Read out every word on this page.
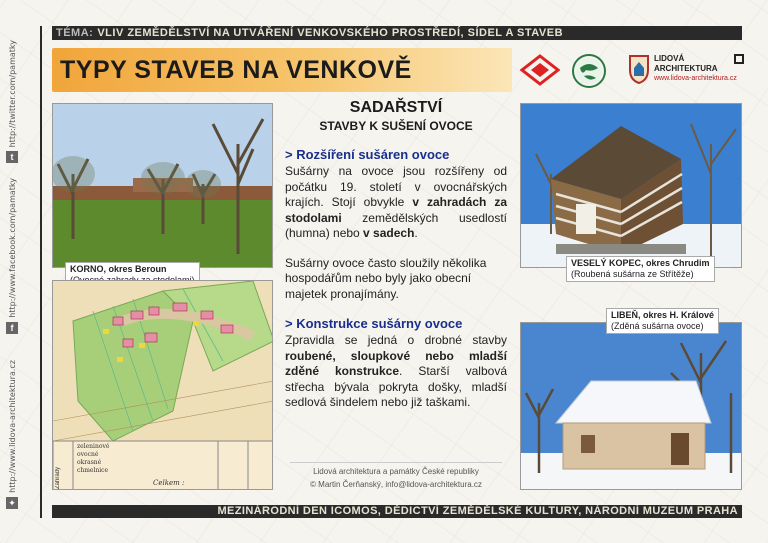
http://twitter.com/pamatky
t
http://www.facebook.com/pamatky
f
http://www.lidova-architektura.cz
✦
TÉMA: VLIV ZEMĚDĚLSTVÍ NA UTVÁŘENÍ VENKOVSKÉHO PROSTŘEDÍ, SÍDEL A STAVEB
TYPY STAVEB NA VENKOVĚ	LIDOVÁ
ARCHITEKTURA
www.lidova-architektura.cz
KORNO, okres Beroun
Zahrady
zeleninové
ovocné
okrasné
chmelnice
Celkem :
SADAŘSTVÍ
STAVBY K SUŠENÍ OVOCE
> Rozšíření sušáren ovoce

Sušárny na ovoce jsou rozšířeny od počátku 19. století v ovocnářských krajích. Stojí obvykle v zahradách za stodolami zemědělských usedlostí (humna) nebo v sadech.

Sušárny ovoce často sloužily několika hospodářům nebo byly jako obecní majetek pronajímány.

> Konstrukce sušárny ovoce

Zpravidla se jedná o drobné stavby roubené, sloupkové nebo mladší zděné konstrukce. Starší valbová střecha bývala pokryta došky, mladší sedlová šindelem nebo již taškami.

Lidová architektura a památky České republiky
© Martin Čerňanský, info@lidova-architektura.cz
VESELÝ KOPEC, okres Chrudim
(Roubená sušárna ze Střítěže)
LIBEŇ, okres H. Králové
(Zděná sušárna ovoce)
MEZINÁRODNÍ DEN ICOMOS, DĚDICTVÍ ZEMĚDĚLSKÉ KULTURY, NÁRODNÍ MUZEUM PRAHA
